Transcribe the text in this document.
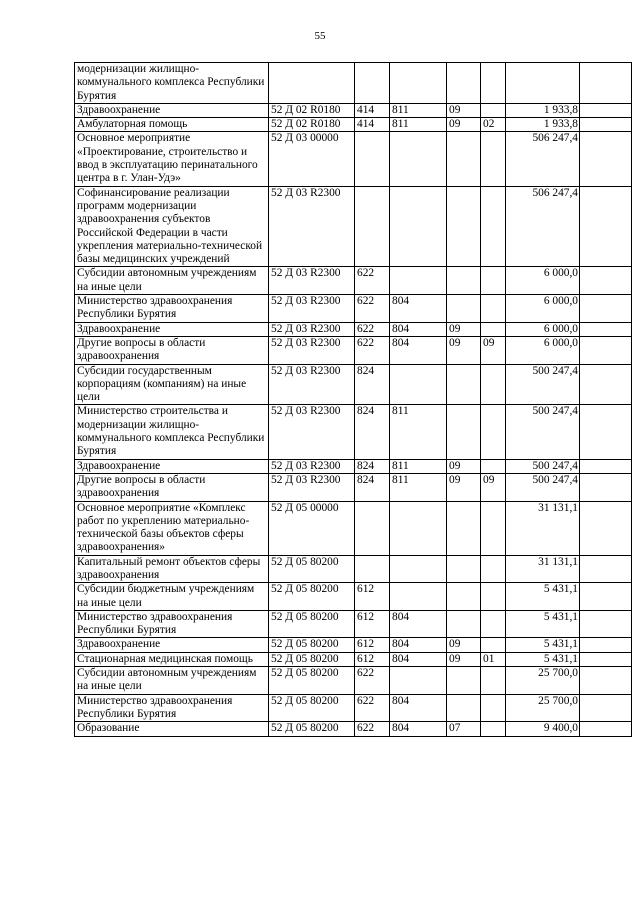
55
модернизации жилищно-коммунального комплекса Республики Бурятия							
Здравоохранение	52 Д 02 R0180	414	811	09		1 933,8	
Амбулаторная помощь	52 Д 02 R0180	414	811	09	02	1 933,8	
Основное мероприятие «Проектирование, строительство и ввод в эксплуатацию перинатального центра в г. Улан-Удэ»	52 Д 03 00000					506 247,4	
Софинансирование реализации программ модернизации здравоохранения субъектов Российской Федерации в части укрепления материально-технической базы медицинских учреждений	52 Д 03 R2300					506 247,4	
Субсидии автономным учреждениям на иные цели	52 Д 03 R2300	622				6 000,0	
Министерство здравоохранения Республики Бурятия	52 Д 03 R2300	622	804			6 000,0	
Здравоохранение	52 Д 03 R2300	622	804	09		6 000,0	
Другие вопросы в области здравоохранения	52 Д 03 R2300	622	804	09	09	6 000,0	
Субсидии государственным корпорациям (компаниям) на иные цели	52 Д 03 R2300	824				500 247,4	
Министерство строительства и модернизации жилищно-коммунального комплекса Республики Бурятия	52 Д 03 R2300	824	811			500 247,4	
Здравоохранение	52 Д 03 R2300	824	811	09		500 247,4	
Другие вопросы в области здравоохранения	52 Д 03 R2300	824	811	09	09	500 247,4	
Основное мероприятие «Комплекс работ по укреплению материально-технической базы объектов сферы здравоохранения»	52 Д 05 00000					31 131,1	
Капитальный ремонт объектов сферы здравоохранения	52 Д 05 80200					31 131,1	
Субсидии бюджетным учреждениям на иные цели	52 Д 05 80200	612				5 431,1	
Министерство здравоохранения Республики Бурятия	52 Д 05 80200	612	804			5 431,1	
Здравоохранение	52 Д 05 80200	612	804	09		5 431,1	
Стационарная медицинская помощь	52 Д 05 80200	612	804	09	01	5 431,1	
Субсидии автономным учреждениям на иные цели	52 Д 05 80200	622				25 700,0	
Министерство здравоохранения Республики Бурятия	52 Д 05 80200	622	804			25 700,0	
Образование	52 Д 05 80200	622	804	07		9 400,0	
